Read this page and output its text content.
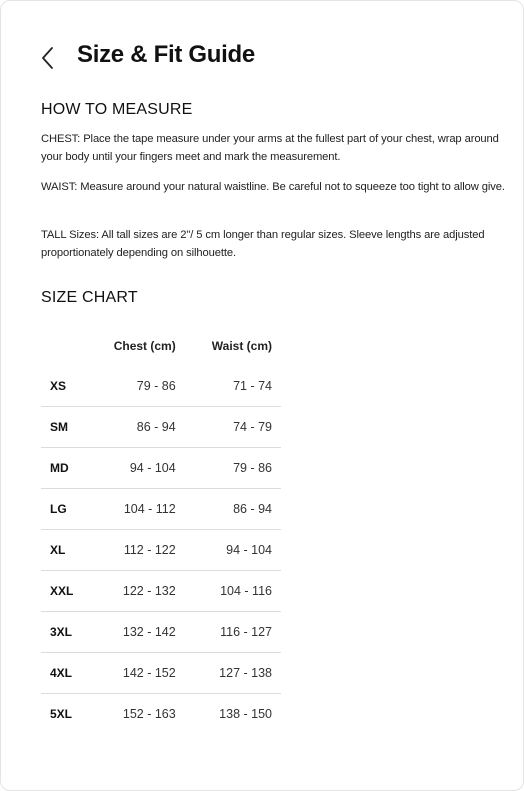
Size & Fit Guide
HOW TO MEASURE
CHEST: Place the tape measure under your arms at the fullest part of your chest, wrap around your body until your fingers meet and mark the measurement.
WAIST: Measure around your natural waistline. Be careful not to squeeze too tight to allow give.
TALL Sizes: All tall sizes are 2"/ 5 cm longer than regular sizes. Sleeve lengths are adjusted proportionately depending on silhouette.
SIZE CHART
	Chest (cm)	Waist (cm)
XS	79 - 86	71 - 74
SM	86 - 94	74 - 79
MD	94 - 104	79 - 86
LG	104 - 112	86 - 94
XL	112 - 122	94 - 104
XXL	122 - 132	104 - 116
3XL	132 - 142	116 - 127
4XL	142 - 152	127 - 138
5XL	152 - 163	138 - 150
